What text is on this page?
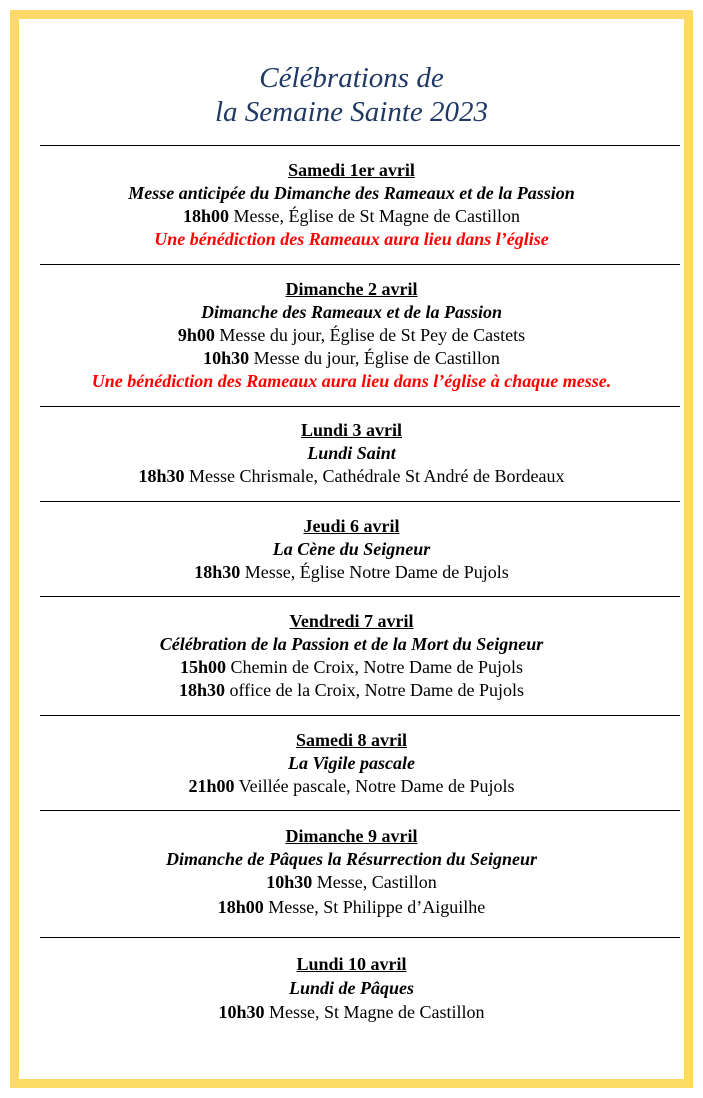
Célébrations de
la Semaine Sainte 2023
Samedi 1er avril
Messe anticipée du Dimanche des Rameaux et de la Passion
18h00 Messe, Église de St Magne de Castillon
Une bénédiction des Rameaux aura lieu dans l’église
Dimanche 2 avril
Dimanche des Rameaux et de la Passion
9h00 Messe du jour, Église de St Pey de Castets
10h30 Messe du jour, Église de Castillon
Une bénédiction des Rameaux aura lieu dans l’église à chaque messe.
Lundi 3 avril
Lundi Saint
18h30 Messe Chrismale, Cathédrale St André de Bordeaux
Jeudi 6 avril
La Cène du Seigneur
18h30 Messe, Église Notre Dame de Pujols
Vendredi 7 avril
Célébration de la Passion et de la Mort du Seigneur
15h00 Chemin de Croix, Notre Dame de Pujols
18h30 office de la Croix, Notre Dame de Pujols
Samedi 8 avril
La Vigile pascale
21h00 Veillée pascale, Notre Dame de Pujols
Dimanche 9 avril
Dimanche de Pâques la Résurrection du Seigneur
10h30 Messe, Castillon
18h00 Messe, St Philippe d’Aiguilhe
Lundi 10 avril
Lundi de Pâques
10h30 Messe, St Magne de Castillon
